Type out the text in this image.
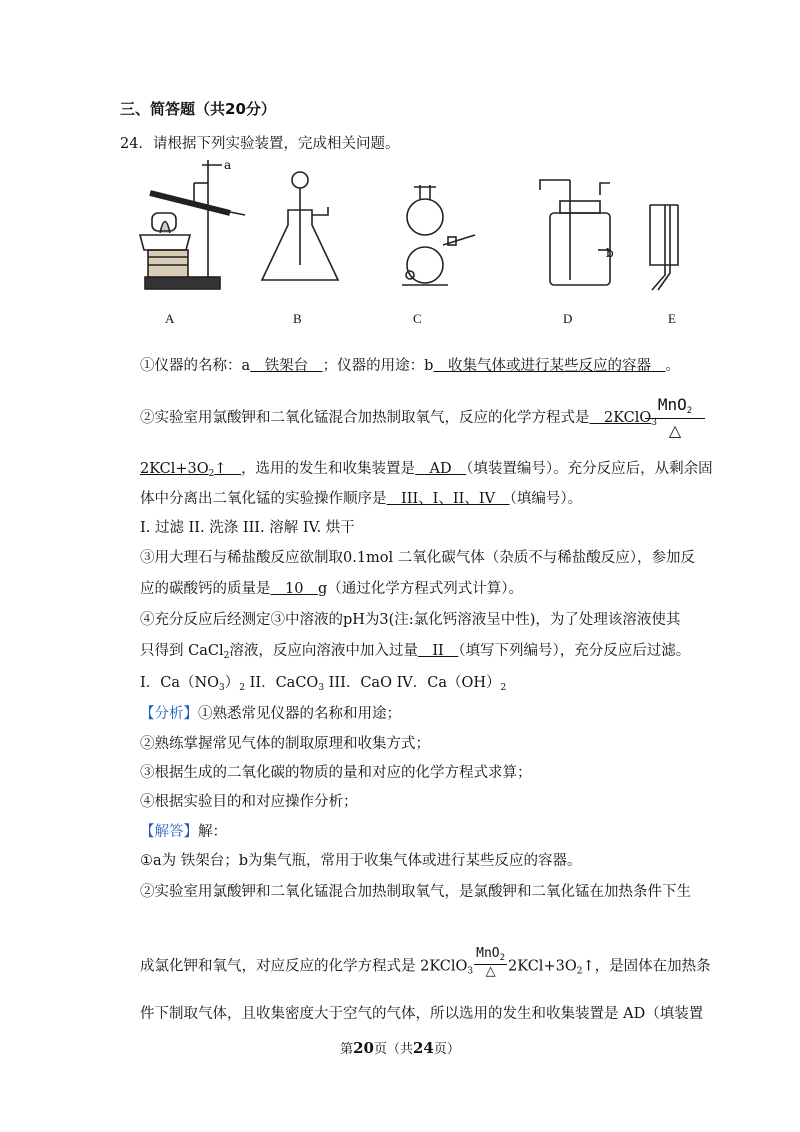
三、简答题（共20分）
24．请根据下列实验装置，完成相关问题。
a
b
A	B	C	D	E
①仪器的名称：a　铁架台　；仪器的用途：b　收集气体或进行某些反应的容器　。
②实验室用氯酸钾和二氧化锰混合加热制取氧气，反应的化学方程式是　2KClO$_3$
MnO$_2$
△
$2KCl+3O_2↑$　 ，选用的发生和收集装置是　AD　（填装置编号）。充分反应后，从剩余固
体中分离出二氧化锰的实验操作顺序是　III、I、II、IV　（填编号）。
I. 过滤 II. 洗涤 III. 溶解 IV. 烘干
③用大理石与稀盐酸反应欲制取0.1mol 二氧化碳气体（杂质不与稀盐酸反应），参加反
应的碳酸钙的质量是　10　g（通过化学方程式列式计算）。
④充分反应后经测定③中溶液的pH为3(注:氯化钙溶液呈中性)，为了处理该溶液使其
只得到 CaCl$_2$溶液，反应向溶液中加入过量　II　（填写下列编号），充分反应后过滤。
I．$Ca(NO_3)_2$ II．CaCO$_3$ III．CaO IV．$Ca(OH)_2$
【分析】①熟悉常见仪器的名称和用途；
②熟练掌握常见气体的制取原理和收集方式；
③根据生成的二氧化碳的物质的量和对应的化学方程式求算；
④根据实验目的和对应操作分析；
【解答】解：
①a为 铁架台；b为集气瓶，常用于收集气体或进行某些反应的容器。
②实验室用氯酸钾和二氧化锰混合加热制取氧气，是氯酸钾和二氧化锰在加热条件下生
成氯化钾和氧气，对应反应的化学方程式是 2KClO$_3$ $\frac{MnO_2}{\triangle}$ $2KCl+3O_2↑$，是固体在加热条
件下制取气体，且收集密度大于空气的气体，所以选用的发生和收集装置是 AD（填装置
第20页（共24页）
